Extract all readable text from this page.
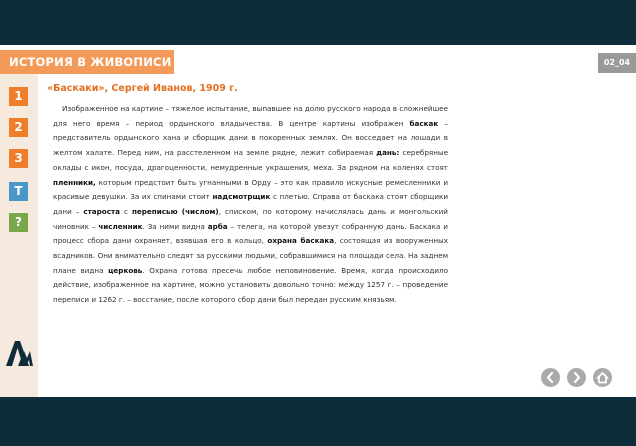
ИСТОРИЯ В ЖИВОПИСИ	02_04
1
2
3
Т
?
«Баскаки», Сергей Иванов, 1909 г.
Изображенное на картине – тяжелое испытание, выпавшее на долю русского народа в сложнейшее для него время – период ордынского владычества. В центре картины изображен баскак – представитель ордынского хана и сборщик дани в покоренных землях. Он восседает на лошади в желтом халате. Перед ним, на расстеленном на земле рядне, лежит собираемая дань: серебряные оклады с икон, посуда, драгоценности, немудренные украшения, меха. За рядном на коленях стоят пленники, которым предстоит быть угнанными в Орду – это как правило искусные ремесленники и красивые девушки. За их спинами стоит надсмотрщик с плетью. Справа от баскака стоят сборщики дани – староста с переписью (числом), списком, по которому начислялась дань и монгольский чиновник – численник. За ними видна арба – телега, на которой увезут собранную дань. Баскака и процесс сбора дани охраняет, взявшая его в кольцо, охрана баскака, состоящая из вооруженных всадников. Они внимательно следят за русскими людьми, собравшимися на площади села. На заднем плане видна церковь. Охрана готова пресечь любое неповиновение. Время, когда происходило действие, изображенное на картине, можно установить довольно точно: между 1257 г. – проведение переписи и 1262 г. – восстание, после которого сбор дани был передан русским князьям.
